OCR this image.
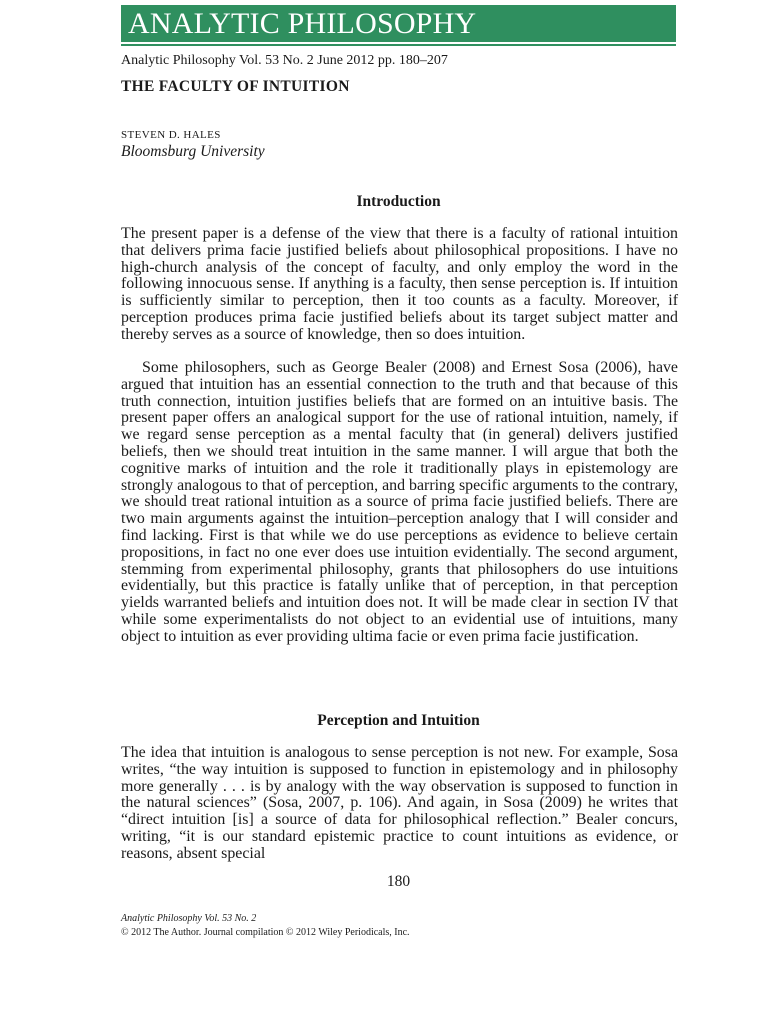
ANALYTIC PHILOSOPHY
Analytic Philosophy Vol. 53 No. 2 June 2012 pp. 180–207
THE FACULTY OF INTUITION
STEVEN D. HALES
Bloomsburg University
Introduction

The present paper is a defense of the view that there is a faculty of rational intuition that delivers prima facie justified beliefs about philosophical propositions. I have no high-church analysis of the concept of faculty, and only employ the word in the following innocuous sense. If anything is a faculty, then sense perception is. If intuition is sufficiently similar to perception, then it too counts as a faculty. Moreover, if perception produces prima facie justified beliefs about its target subject matter and thereby serves as a source of knowledge, then so does intuition.

Some philosophers, such as George Bealer (2008) and Ernest Sosa (2006), have argued that intuition has an essential connection to the truth and that because of this truth connection, intuition justifies beliefs that are formed on an intuitive basis. The present paper offers an analogical support for the use of rational intuition, namely, if we regard sense perception as a mental faculty that (in general) delivers justified beliefs, then we should treat intuition in the same manner. I will argue that both the cognitive marks of intuition and the role it traditionally plays in epistemology are strongly analogous to that of perception, and barring specific arguments to the contrary, we should treat rational intuition as a source of prima facie justified beliefs. There are two main arguments against the intuition–perception analogy that I will consider and find lacking. First is that while we do use perceptions as evidence to believe certain propositions, in fact no one ever does use intuition evidentially. The second argument, stemming from experimental philosophy, grants that philosophers do use intuitions evidentially, but this practice is fatally unlike that of perception, in that perception yields warranted beliefs and intuition does not. It will be made clear in section IV that while some experimentalists do not object to an evidential use of intuitions, many object to intuition as ever providing ultima facie or even prima facie justification.

Perception and Intuition

The idea that intuition is analogous to sense perception is not new. For example, Sosa writes, “the way intuition is supposed to function in epistemology and in philosophy more generally . . . is by analogy with the way observation is supposed to function in the natural sciences” (Sosa, 2007, p. 106). And again, in Sosa (2009) he writes that “direct intuition [is] a source of data for philosophical reflection.” Bealer concurs, writing, “it is our standard epistemic practice to count intuitions as evidence, or reasons, absent special

180
Analytic Philosophy Vol. 53 No. 2
© 2012 The Author. Journal compilation © 2012 Wiley Periodicals, Inc.
